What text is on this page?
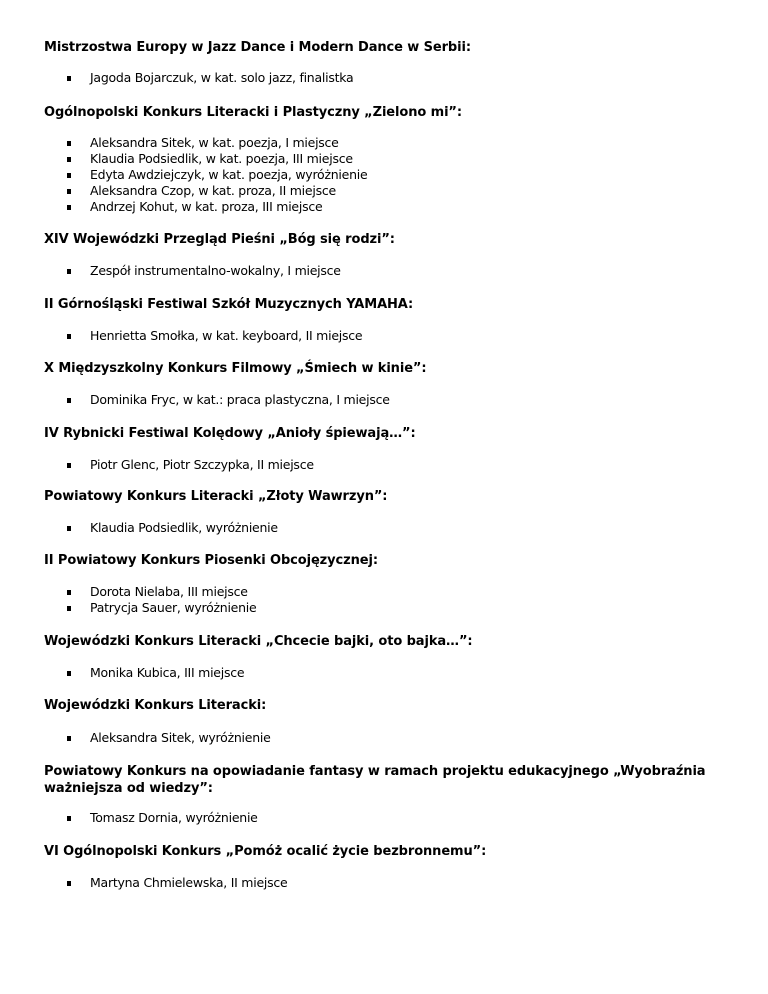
Mistrzostwa Europy w Jazz Dance i Modern Dance w Serbii:
Jagoda Bojarczuk, w kat. solo jazz, finalistka
Ogólnopolski Konkurs Literacki i Plastyczny „Zielono mi”:
Aleksandra Sitek, w kat. poezja, I miejsce
Klaudia Podsiedlik, w kat. poezja, III miejsce
Edyta Awdziejczyk, w kat. poezja, wyróżnienie
Aleksandra Czop, w kat. proza, II miejsce
Andrzej Kohut, w kat. proza, III miejsce
XIV Wojewódzki Przegląd Pieśni „Bóg się rodzi”:
Zespół instrumentalno-wokalny, I miejsce
II Górnośląski Festiwal Szkół Muzycznych YAMAHA:
Henrietta Smołka, w kat. keyboard, II miejsce
X Międzyszkolny Konkurs Filmowy „Śmiech w kinie”:
Dominika Fryc, w kat.: praca plastyczna, I miejsce
IV Rybnicki Festiwal Kolędowy „Anioły śpiewają…”:
Piotr Glenc, Piotr Szczypka, II miejsce
Powiatowy Konkurs Literacki „Złoty Wawrzyn”:
Klaudia Podsiedlik, wyróżnienie
II Powiatowy Konkurs Piosenki Obcojęzycznej:
Dorota Nielaba, III miejsce
Patrycja Sauer, wyróżnienie
Wojewódzki Konkurs Literacki „Chcecie bajki, oto bajka…”:
Monika Kubica, III miejsce
Wojewódzki Konkurs Literacki:
Aleksandra Sitek, wyróżnienie
Powiatowy Konkurs na opowiadanie fantasy w ramach projektu edukacyjnego „Wyobraźnia ważniejsza od wiedzy”:
Tomasz Dornia, wyróżnienie
VI Ogólnopolski Konkurs „Pomóż ocalić życie bezbronnemu”:
Martyna Chmielewska, II miejsce
